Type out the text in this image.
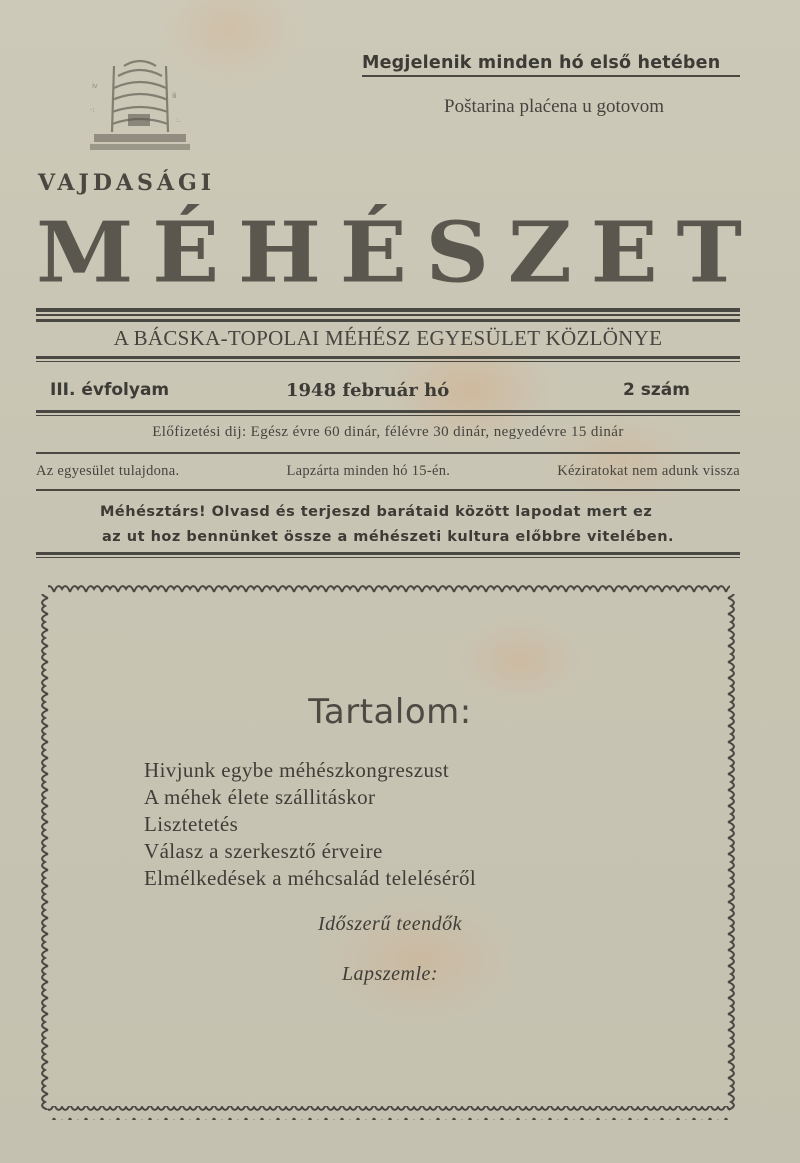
ⅳ
ⅲ
·:
:.
Megjelenik minden hó első hetében
Poštarina plaćena u gotovom
VAJDASÁGI
M É H É S Z E T
A BÁCSKA-TOPOLAI MÉHÉSZ EGYESÜLET KÖZLÖNYE
III. évfolyam	1948 február hó	2 szám
Előfizetési dij: Egész évre 60 dinár, félévre 30 dinár, negyedévre 15 dinár
Az egyesület tulajdona.	Lapzárta minden hó 15-én.	Kéziratokat nem adunk vissza
Méhésztárs! Olvasd és terjeszd barátaid között lapodat mert ez
az ut hoz bennünket össze a méhészeti kultura előbbre vitelében.
Tartalom:
Hivjunk egybe méhészkongreszust
A méhek élete szállitáskor
Lisztetetés
Válasz a szerkesztő érveire
Elmélkedések a méhcsalád teleléséről
Időszerű teendők
Lapszemle:
